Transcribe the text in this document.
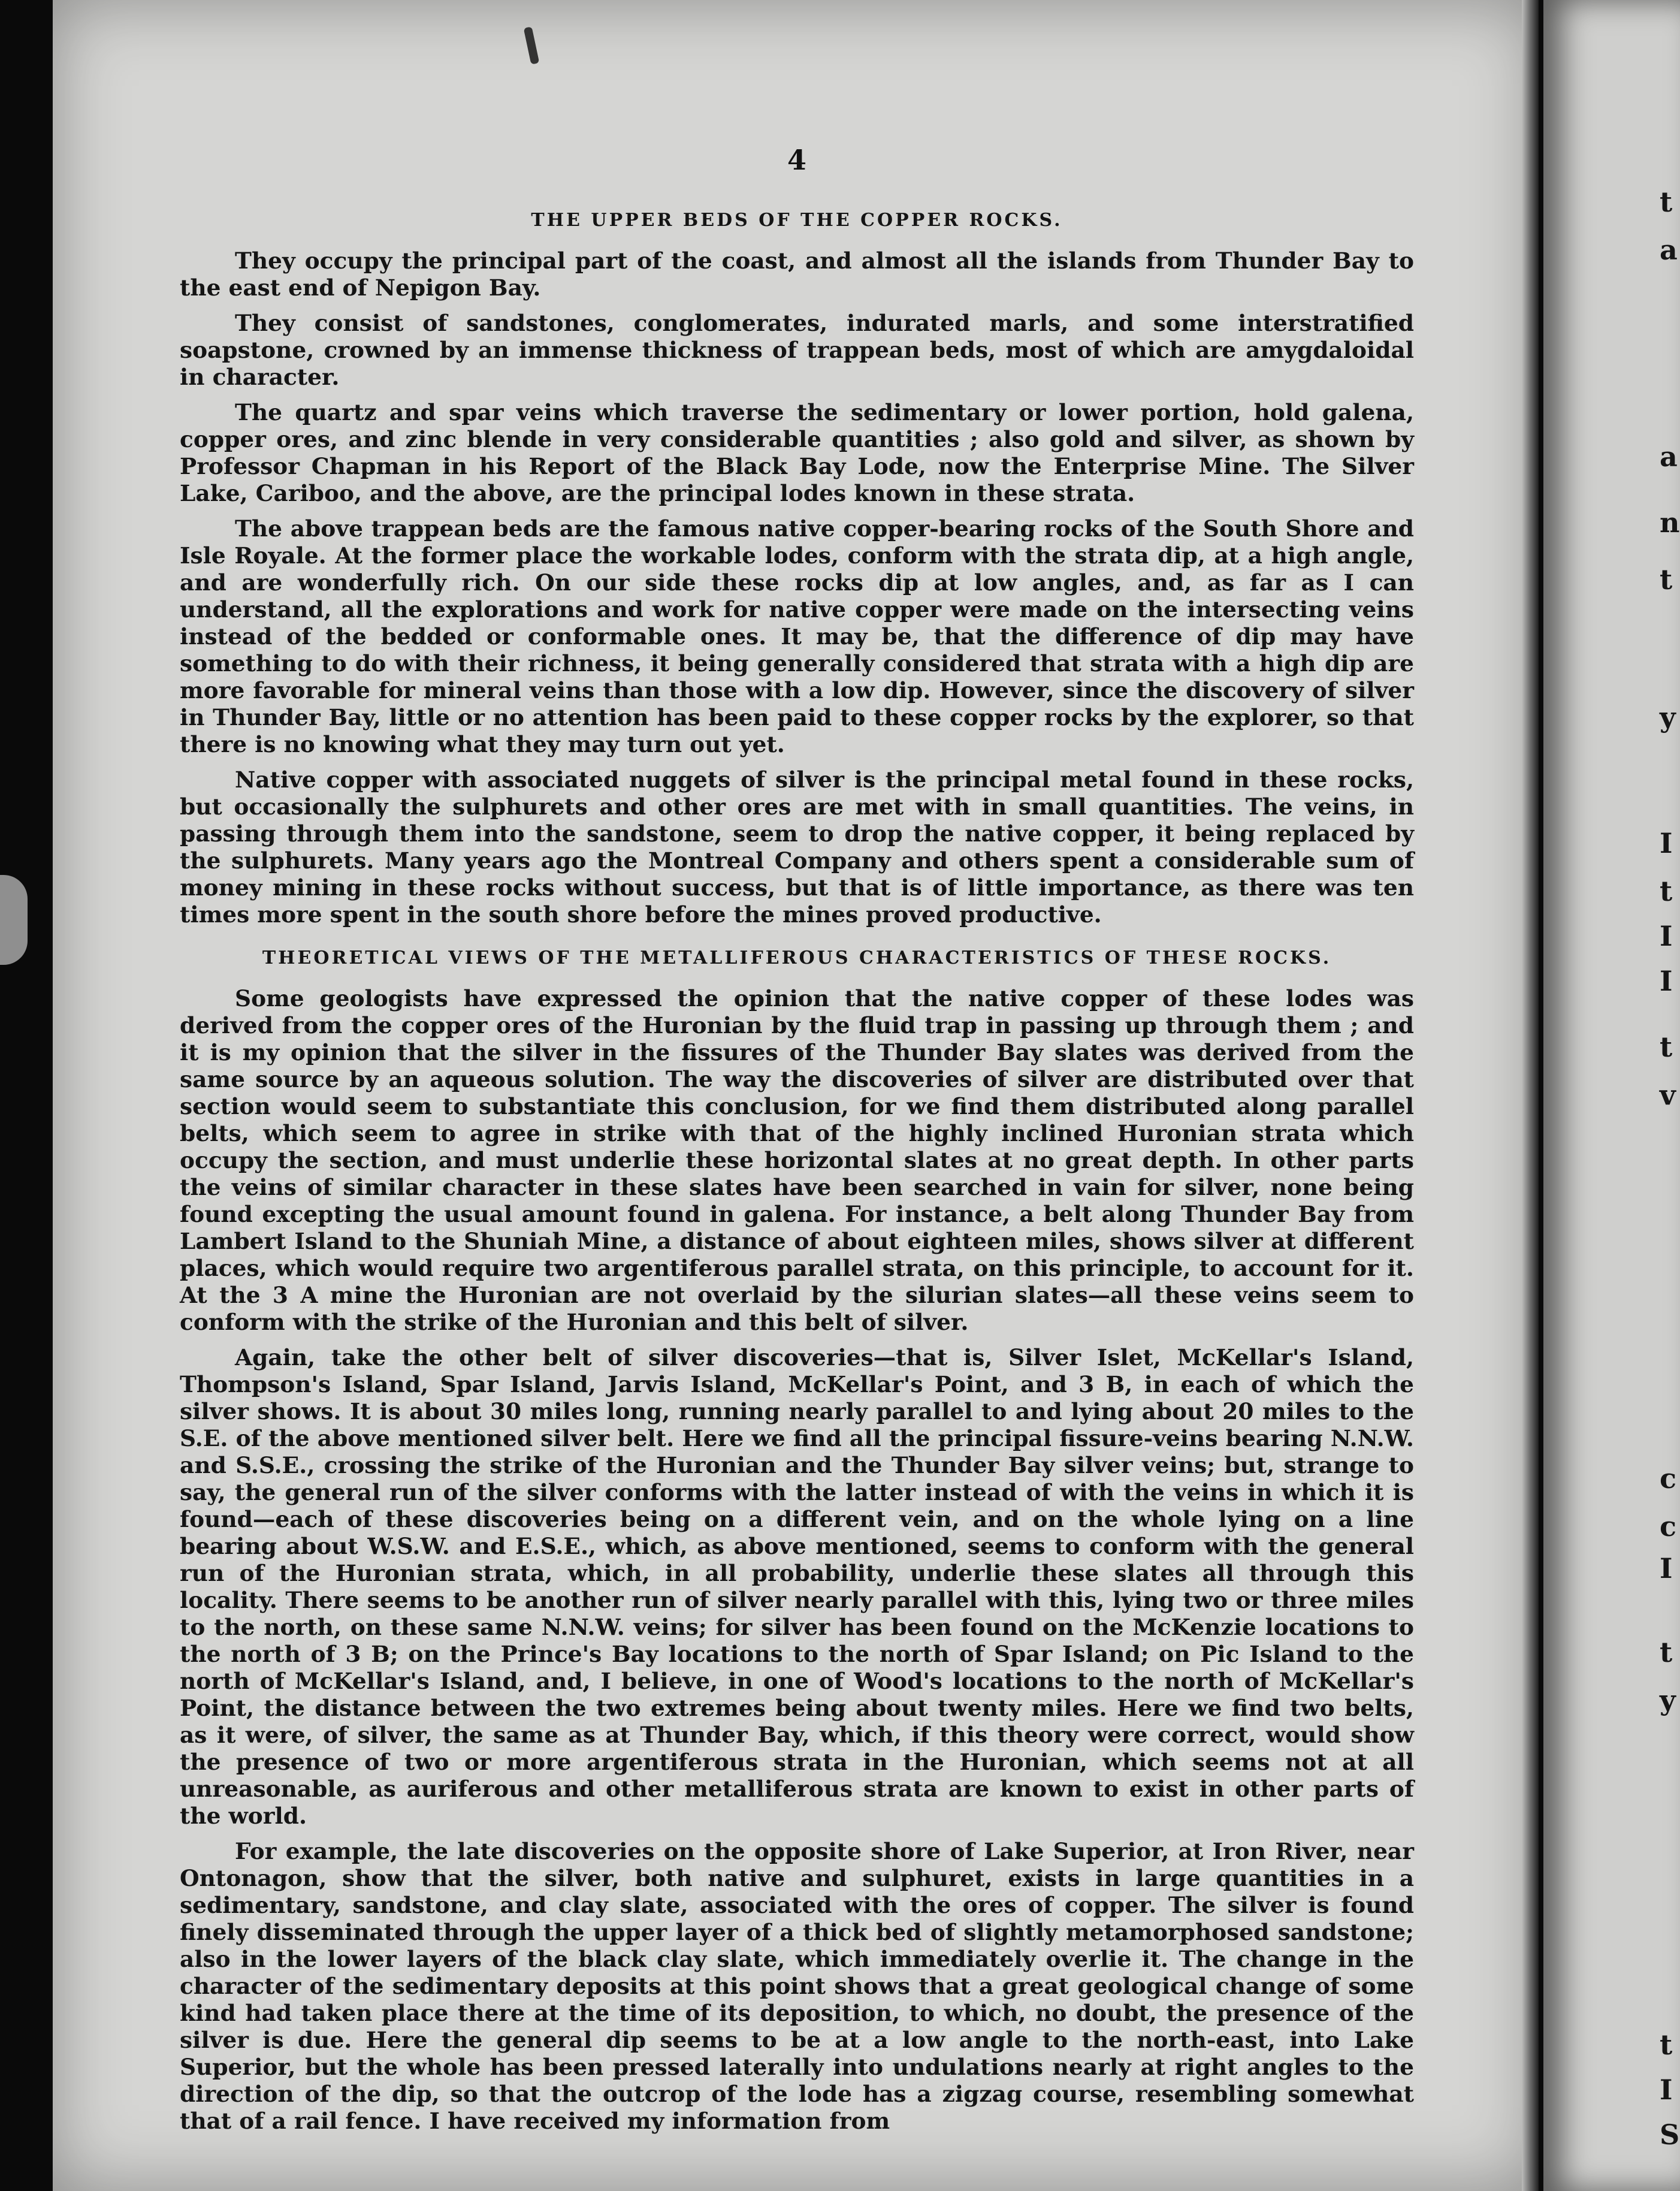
t
a
a
n
t
y
I
t
I
I
t
v
c
c
I
t
y
t
I
S
4
THE UPPER BEDS OF THE COPPER ROCKS.

They occupy the principal part of the coast, and almost all the islands from Thunder Bay to the east end of Nepigon Bay.

They consist of sandstones, conglomerates, indurated marls, and some interstratified soapstone, crowned by an immense thickness of trappean beds, most of which are amygdaloidal in character.

The quartz and spar veins which traverse the sedimentary or lower portion, hold galena, copper ores, and zinc blende in very considerable quantities ; also gold and silver, as shown by Professor Chapman in his Report of the Black Bay Lode, now the Enterprise Mine. The Silver Lake, Cariboo, and the above, are the principal lodes known in these strata.

The above trappean beds are the famous native copper-bearing rocks of the South Shore and Isle Royale. At the former place the workable lodes, conform with the strata dip, at a high angle, and are wonderfully rich. On our side these rocks dip at low angles, and, as far as I can understand, all the explorations and work for native copper were made on the intersecting veins instead of the bedded or conformable ones. It may be, that the difference of dip may have something to do with their richness, it being generally considered that strata with a high dip are more favorable for mineral veins than those with a low dip. However, since the discovery of silver in Thunder Bay, little or no attention has been paid to these copper rocks by the explorer, so that there is no knowing what they may turn out yet.

Native copper with associated nuggets of silver is the principal metal found in these rocks, but occasionally the sulphurets and other ores are met with in small quantities. The veins, in passing through them into the sandstone, seem to drop the native copper, it being replaced by the sulphurets. Many years ago the Montreal Company and others spent a considerable sum of money mining in these rocks without success, but that is of little importance, as there was ten times more spent in the south shore before the mines proved productive.

THEORETICAL VIEWS OF THE METALLIFEROUS CHARACTERISTICS OF THESE ROCKS.

Some geologists have expressed the opinion that the native copper of these lodes was derived from the copper ores of the Huronian by the fluid trap in passing up through them ; and it is my opinion that the silver in the fissures of the Thunder Bay slates was derived from the same source by an aqueous solution. The way the discoveries of silver are distributed over that section would seem to substantiate this conclusion, for we find them distributed along parallel belts, which seem to agree in strike with that of the highly inclined Huronian strata which occupy the section, and must underlie these horizontal slates at no great depth. In other parts the veins of similar character in these slates have been searched in vain for silver, none being found excepting the usual amount found in galena. For instance, a belt along Thunder Bay from Lambert Island to the Shuniah Mine, a distance of about eighteen miles, shows silver at different places, which would require two argentiferous parallel strata, on this principle, to account for it. At the 3 A mine the Huronian are not overlaid by the silurian slates—all these veins seem to conform with the strike of the Huronian and this belt of silver.

Again, take the other belt of silver discoveries—that is, Silver Islet, McKellar's Island, Thompson's Island, Spar Island, Jarvis Island, McKellar's Point, and 3 B, in each of which the silver shows. It is about 30 miles long, running nearly parallel to and lying about 20 miles to the S.E. of the above mentioned silver belt. Here we find all the principal fissure-veins bearing N.N.W. and S.S.E., crossing the strike of the Huronian and the Thunder Bay silver veins; but, strange to say, the general run of the silver conforms with the latter instead of with the veins in which it is found—each of these discoveries being on a different vein, and on the whole lying on a line bearing about W.S.W. and E.S.E., which, as above mentioned, seems to conform with the general run of the Huronian strata, which, in all probability, underlie these slates all through this locality. There seems to be another run of silver nearly parallel with this, lying two or three miles to the north, on these same N.N.W. veins; for silver has been found on the McKenzie locations to the north of 3 B; on the Prince's Bay locations to the north of Spar Island; on Pic Island to the north of McKellar's Island, and, I believe, in one of Wood's locations to the north of McKellar's Point, the distance between the two extremes being about twenty miles. Here we find two belts, as it were, of silver, the same as at Thunder Bay, which, if this theory were correct, would show the presence of two or more argentiferous strata in the Huronian, which seems not at all unreasonable, as auriferous and other metalliferous strata are known to exist in other parts of the world.

For example, the late discoveries on the opposite shore of Lake Superior, at Iron River, near Ontonagon, show that the silver, both native and sulphuret, exists in large quantities in a sedimentary, sandstone, and clay slate, associated with the ores of copper. The silver is found finely disseminated through the upper layer of a thick bed of slightly metamorphosed sandstone; also in the lower layers of the black clay slate, which immediately overlie it. The change in the character of the sedimentary deposits at this point shows that a great geological change of some kind had taken place there at the time of its deposition, to which, no doubt, the presence of the silver is due. Here the general dip seems to be at a low angle to the north-east, into Lake Superior, but the whole has been pressed laterally into undulations nearly at right angles to the direction of the dip, so that the outcrop of the lode has a zigzag course, resembling somewhat that of a rail fence. I have received my information from
